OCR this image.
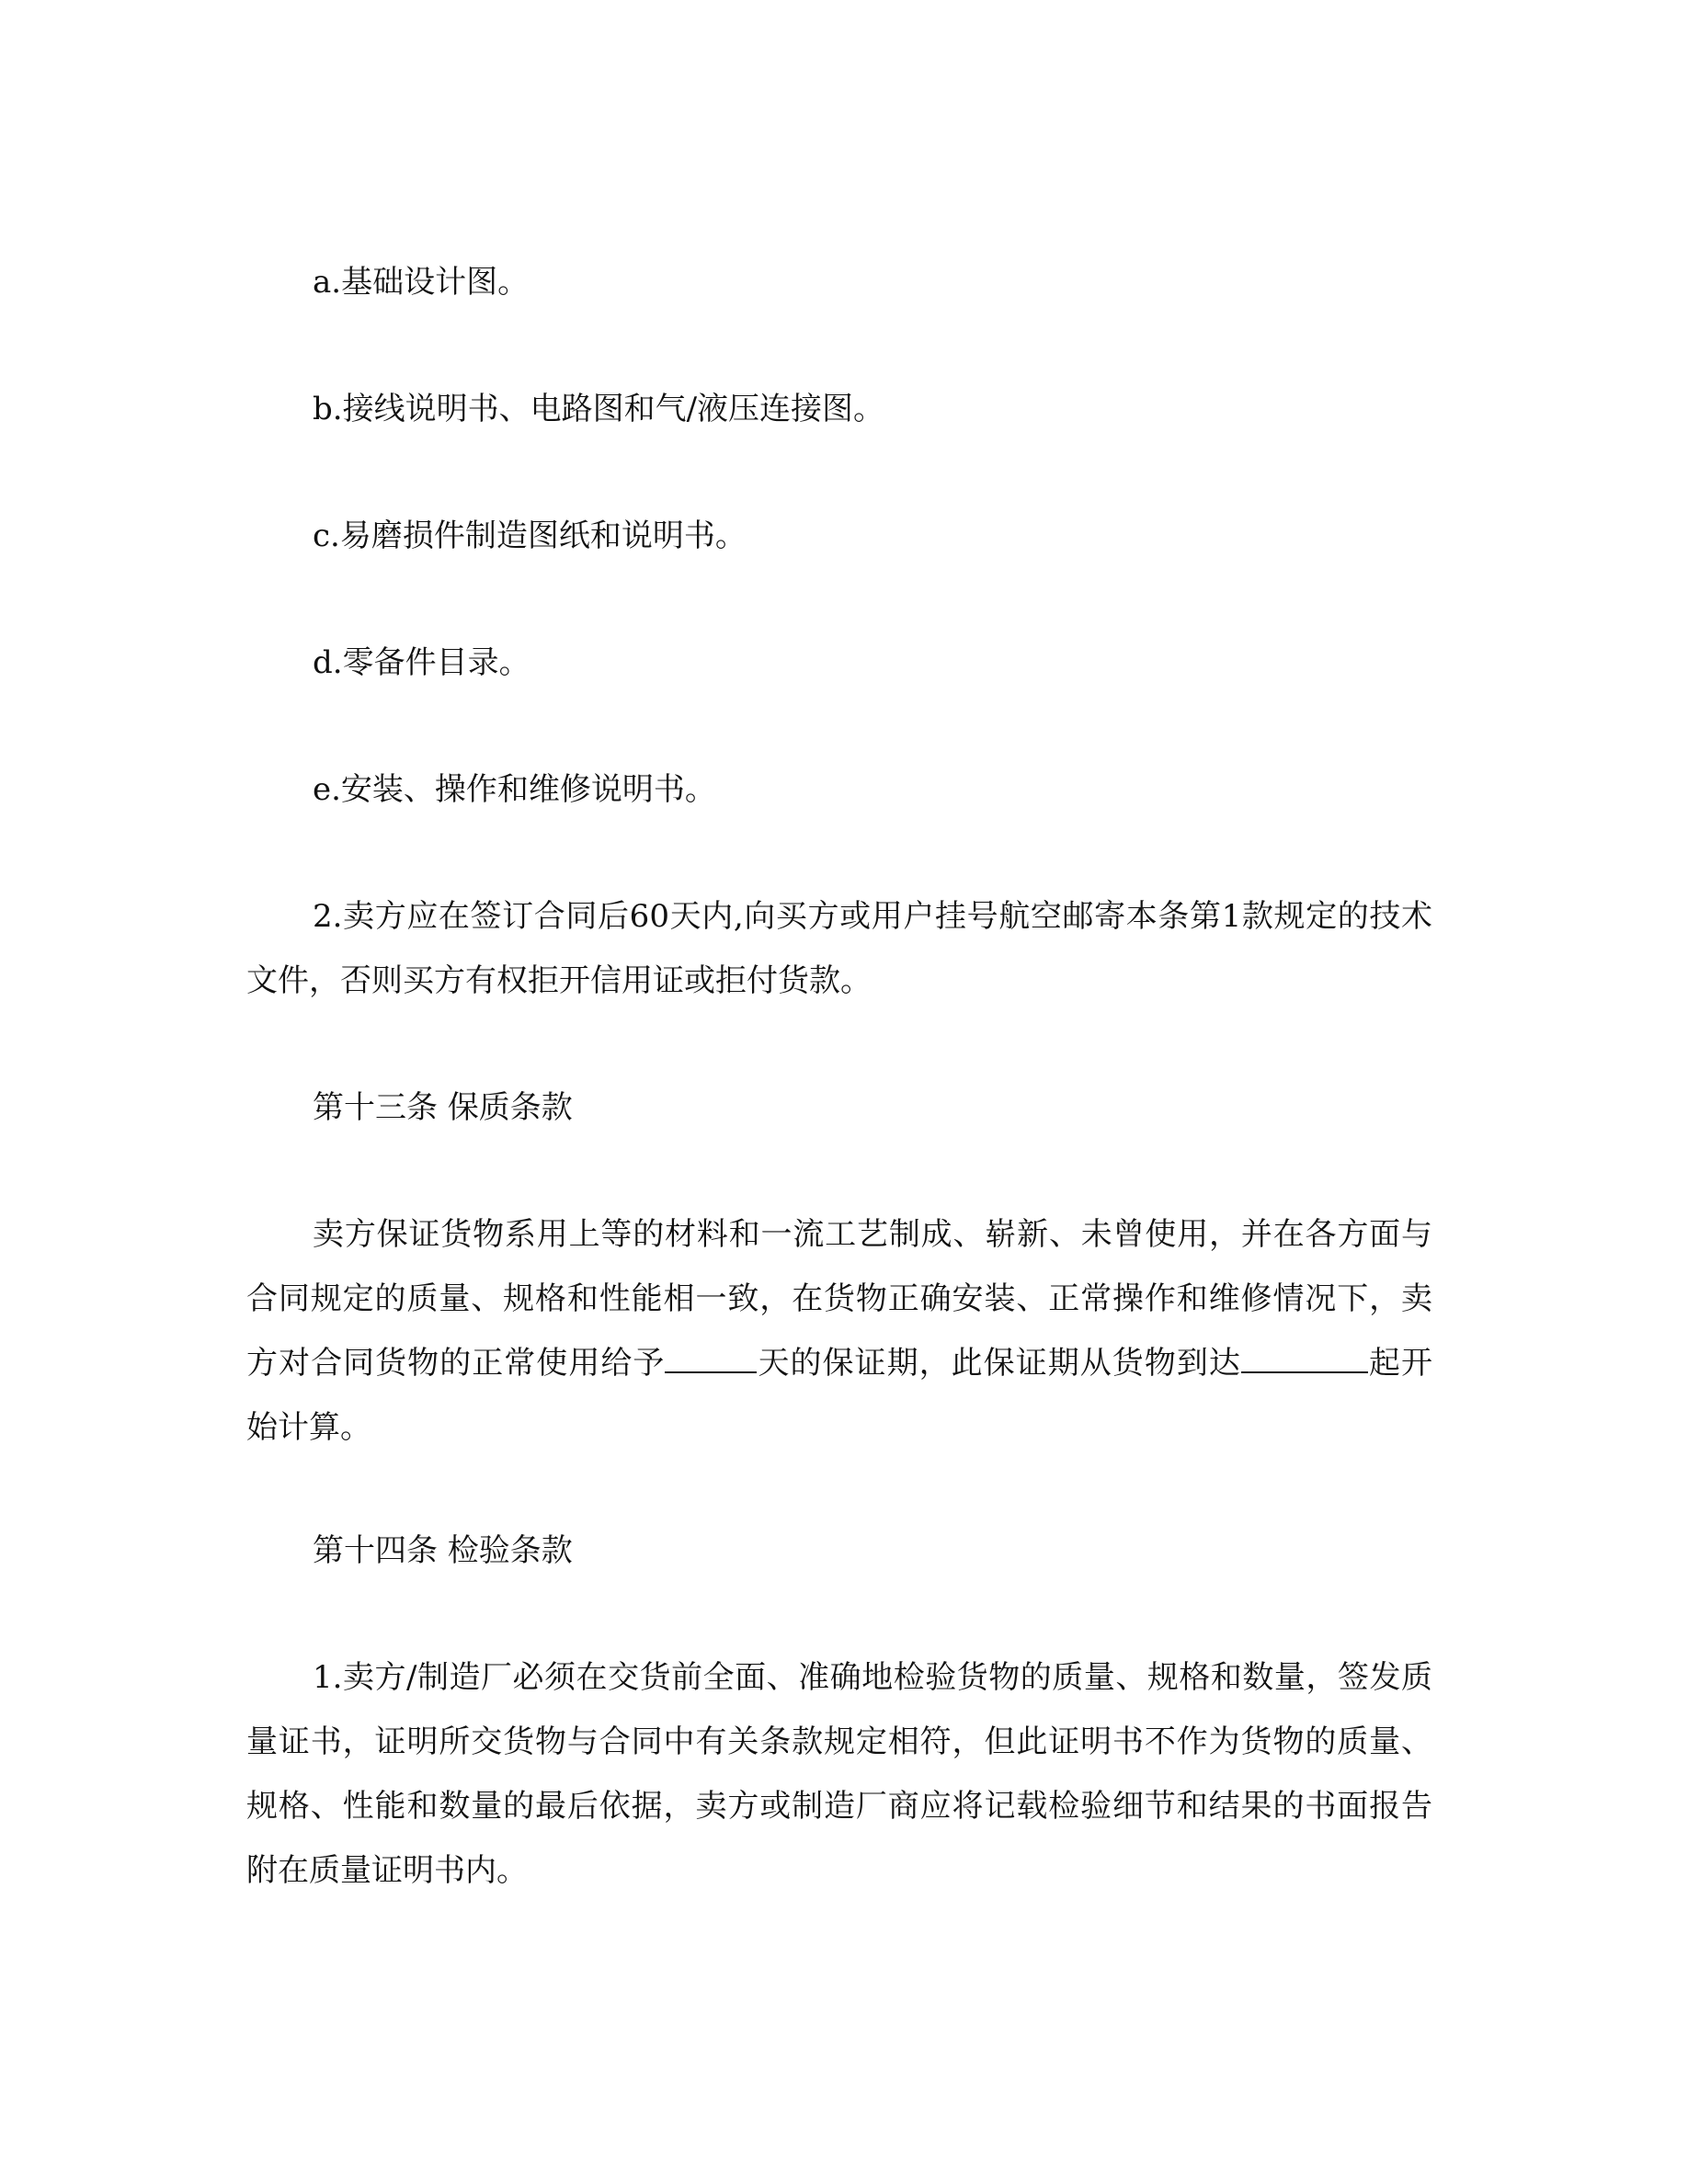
a.基础设计图。

b.接线说明书、电路图和气/液压连接图。

c.易磨损件制造图纸和说明书。

d.零备件目录。

e.安装、操作和维修说明书。

2.卖方应在签订合同后60天内,向买方或用户挂号航空邮寄本条第1款规定的技术文件，否则买方有权拒开信用证或拒付货款。

第十三条 保质条款

卖方保证货物系用上等的材料和一流工艺制成、崭新、未曾使用，并在各方面与合同规定的质量、规格和性能相一致，在货物正确安装、正常操作和维修情况下，卖方对合同货物的正常使用给予	天的保证期，此保证期从货物到达	起开始计算。

第十四条 检验条款

1.卖方/制造厂必须在交货前全面、准确地检验货物的质量、规格和数量，签发质量证书，证明所交货物与合同中有关条款规定相符，但此证明书不作为货物的质量、规格、性能和数量的最后依据，卖方或制造厂商应将记载检验细节和结果的书面报告附在质量证明书内。
